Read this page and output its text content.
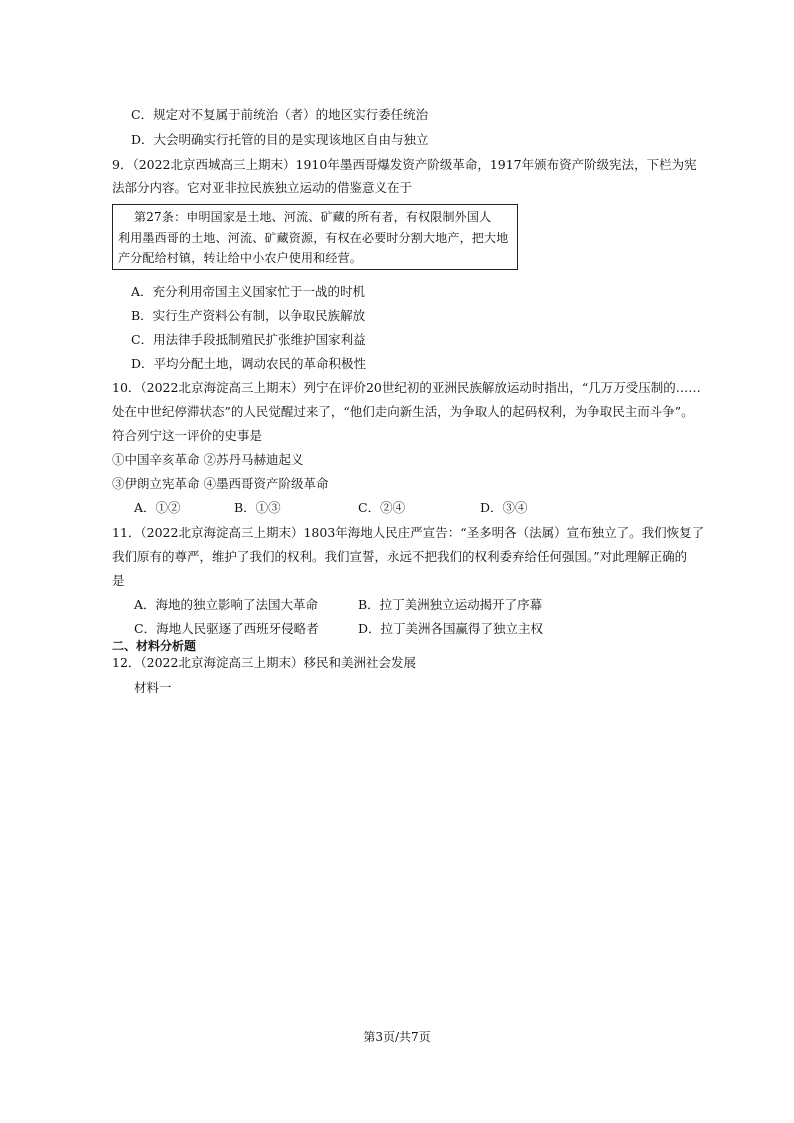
C．规定对不复属于前统治（者）的地区实行委任统治
D．大会明确实行托管的目的是实现该地区自由与独立
9．（2022北京西城高三上期末）1910年墨西哥爆发资产阶级革命，1917年颁布资产阶级宪法，下栏为宪
法部分内容。它对亚非拉民族独立运动的借鉴意义在于
第27条：申明国家是土地、河流、矿藏的所有者，有权限制外国人
利用墨西哥的土地、河流、矿藏资源，有权在必要时分割大地产，把大地
产分配给村镇，转让给中小农户使用和经营。
A．充分利用帝国主义国家忙于一战的时机
B．实行生产资料公有制，以争取民族解放
C．用法律手段抵制殖民扩张维护国家利益
D．平均分配土地，调动农民的革命积极性
10．（2022北京海淀高三上期末）列宁在评价20世纪初的亚洲民族解放运动时指出，“几万万受压制的……
处在中世纪停滞状态”的人民觉醒过来了，“他们走向新生活，为争取人的起码权利，为争取民主而斗争”。
符合列宁这一评价的史事是
①中国辛亥革命 ②苏丹马赫迪起义
③伊朗立宪革命 ④墨西哥资产阶级革命
A．①②	B．①③	C．②④	D．③④
11．（2022北京海淀高三上期末）1803年海地人民庄严宣告：“圣多明各（法属）宣布独立了。我们恢复了
我们原有的尊严，维护了我们的权利。我们宣誓，永远不把我们的权利委弃给任何强国。”对此理解正确的
是
A．海地的独立影响了法国大革命	B．拉丁美洲独立运动揭开了序幕
C．海地人民驱逐了西班牙侵略者	D．拉丁美洲各国赢得了独立主权
二、材料分析题
12．（2022北京海淀高三上期末）移民和美洲社会发展
材料一
第3页/共7页
